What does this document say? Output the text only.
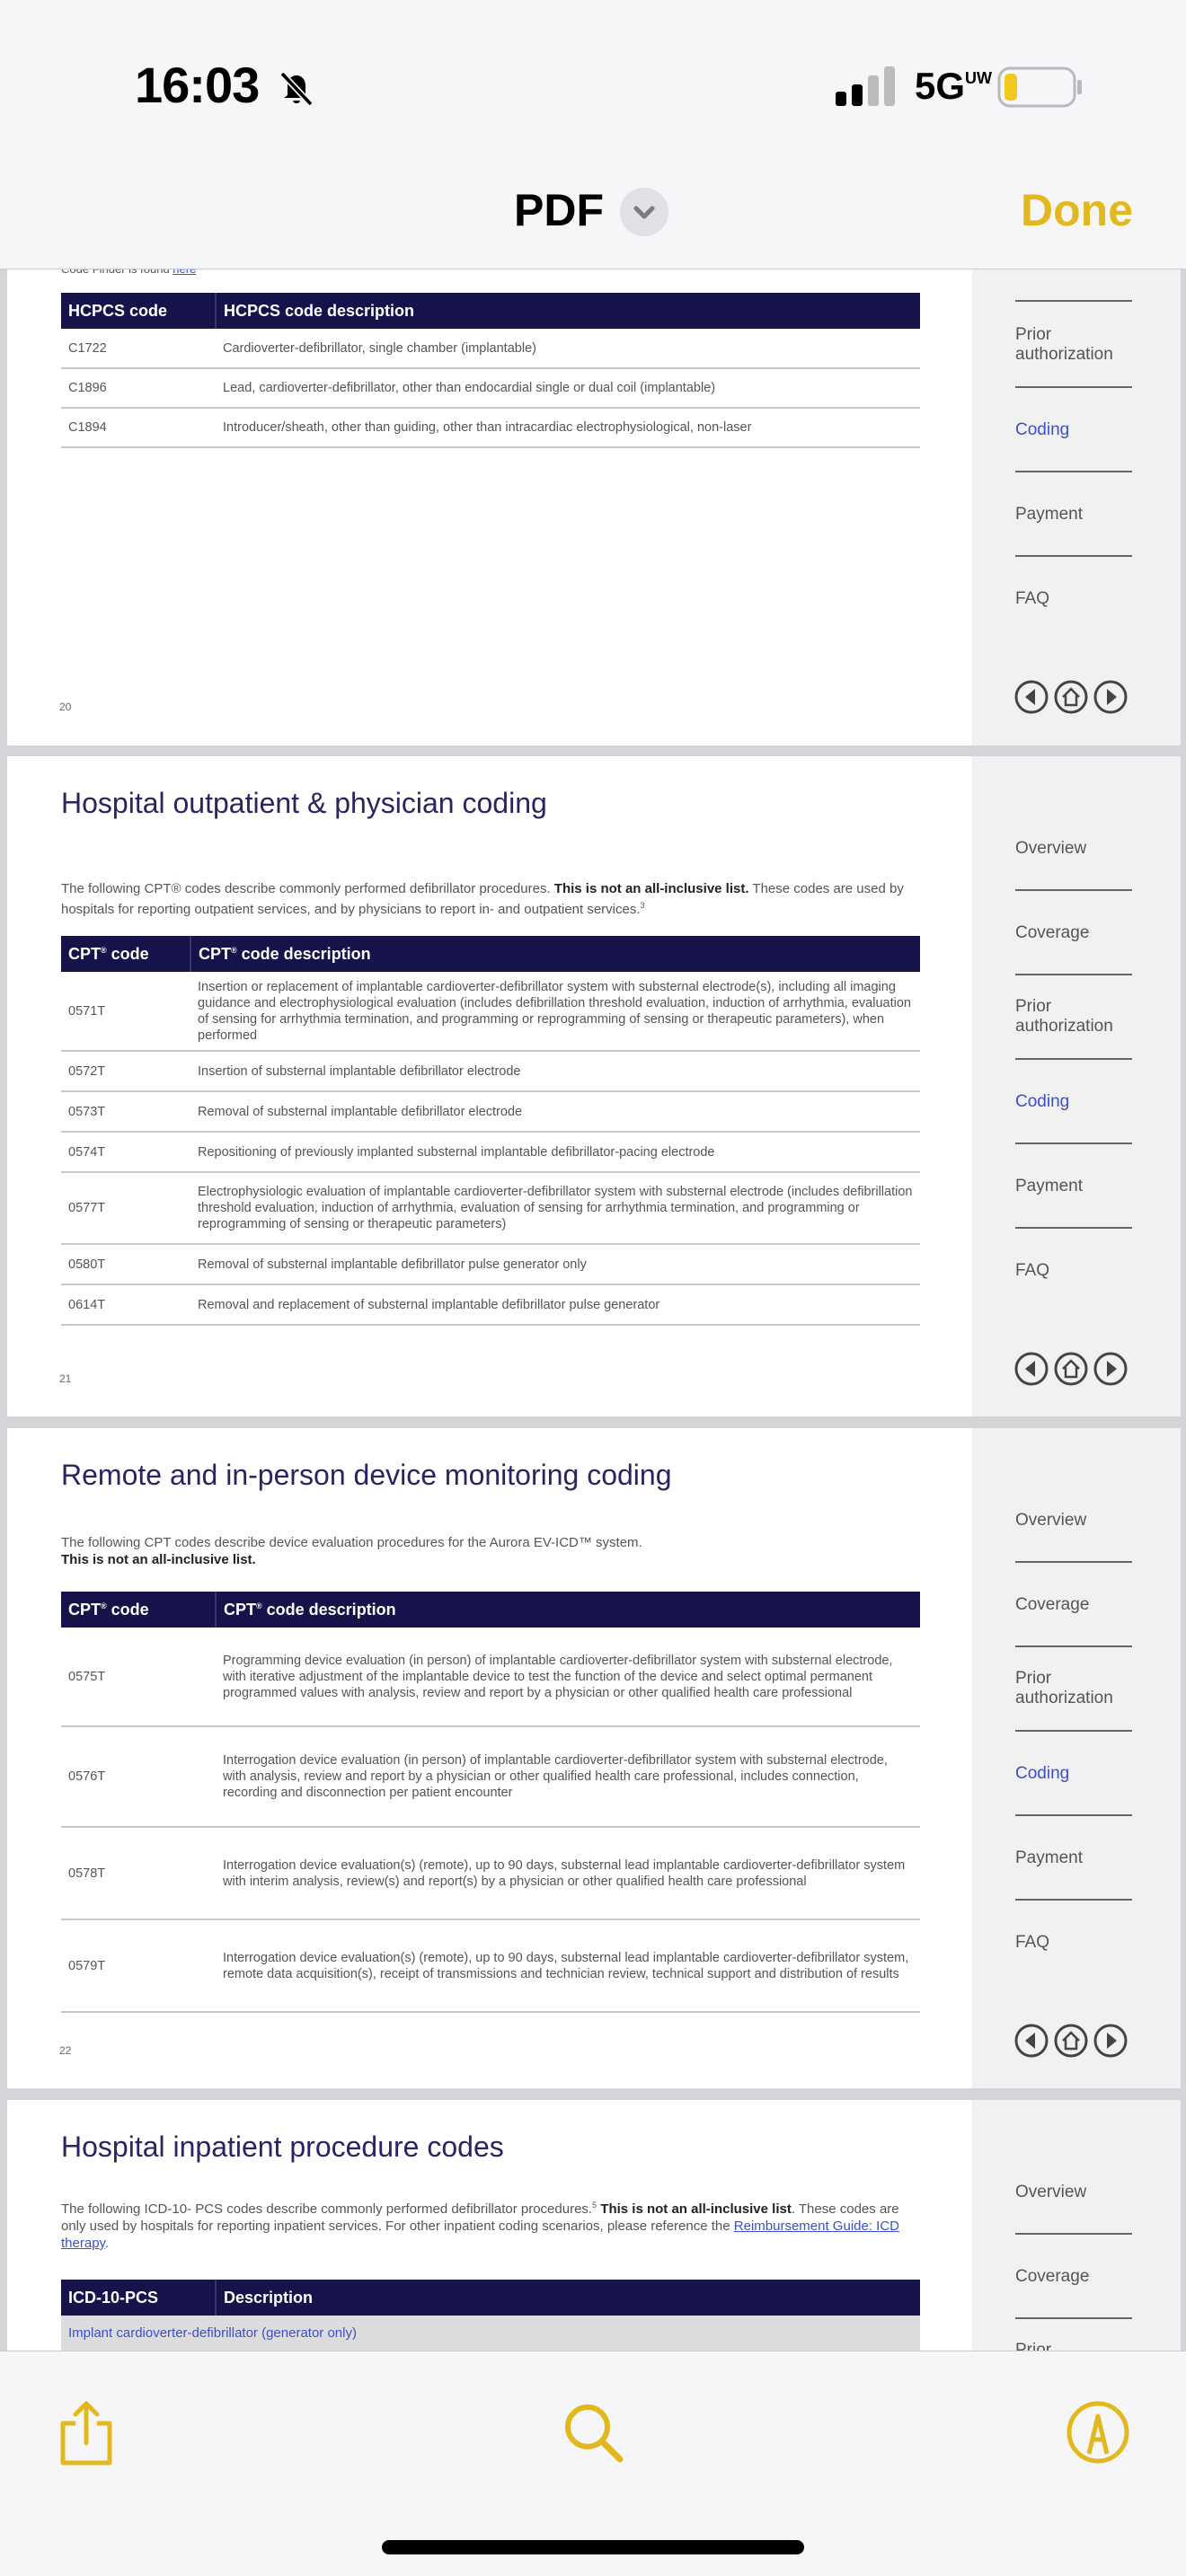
16:03	5GUW
PDF	Done
HCPCS code	HCPCS code description
C1722	Cardioverter-defibrillator, single chamber (implantable)
C1896	Lead, cardioverter-defibrillator, other than endocardial single or dual coil (implantable)
C1894	Introducer/sheath, other than guiding, other than intracardiac electrophysiological, non-laser
20
Prior authorization
Coding
Payment
FAQ
Hospital outpatient & physician coding
The following CPT® codes describe commonly performed defibrillator procedures. This is not an all-inclusive list. These codes are used by hospitals for reporting outpatient services, and by physicians to report in- and outpatient services.$^3$
CPT® code	CPT® code description
0571T	Insertion or replacement of implantable cardioverter-defibrillator system with substernal electrode(s), including all imaging guidance and electrophysiological evaluation (includes defibrillation threshold evaluation, induction of arrhythmia, evaluation of sensing for arrhythmia termination, and programming or reprogramming of sensing or therapeutic parameters), when performed
0572T	Insertion of substernal implantable defibrillator electrode
0573T	Removal of substernal implantable defibrillator electrode
0574T	Repositioning of previously implanted substernal implantable defibrillator-pacing electrode
0577T	Electrophysiologic evaluation of implantable cardioverter-defibrillator system with substernal electrode (includes defibrillation threshold evaluation, induction of arrhythmia, evaluation of sensing for arrhythmia termination, and programming or reprogramming of sensing or therapeutic parameters)
0580T	Removal of substernal implantable defibrillator pulse generator only
0614T	Removal and replacement of substernal implantable defibrillator pulse generator
21
Overview
Coverage
Prior authorization
Coding
Payment
FAQ
Remote and in-person device monitoring coding
The following CPT codes describe device evaluation procedures for the Aurora EV-ICD™ system.
This is not an all-inclusive list.
CPT® code	CPT® code description
0575T	Programming device evaluation (in person) of implantable cardioverter-defibrillator system with substernal electrode, with iterative adjustment of the implantable device to test the function of the device and select optimal permanent programmed values with analysis, review and report by a physician or other qualified health care professional
0576T	Interrogation device evaluation (in person) of implantable cardioverter-defibrillator system with substernal electrode, with analysis, review and report by a physician or other qualified health care professional, includes connection, recording and disconnection per patient encounter
0578T	Interrogation device evaluation(s) (remote), up to 90 days, substernal lead implantable cardioverter-defibrillator system with interim analysis, review(s) and report(s) by a physician or other qualified health care professional
0579T	Interrogation device evaluation(s) (remote), up to 90 days, substernal lead implantable cardioverter-defibrillator system, remote data acquisition(s), receipt of transmissions and technician review, technical support and distribution of results
22
Overview
Coverage
Prior authorization
Coding
Payment
FAQ
Hospital inpatient procedure codes
The following ICD-10- PCS codes describe commonly performed defibrillator procedures.$^5$ This is not an all-inclusive list. These codes are only used by hospitals for reporting inpatient services. For other inpatient coding scenarios, please reference the Reimbursement Guide: ICD therapy.
ICD-10-PCS	Description
Implant cardioverter-defibrillator (generator only)
Overview
Coverage
